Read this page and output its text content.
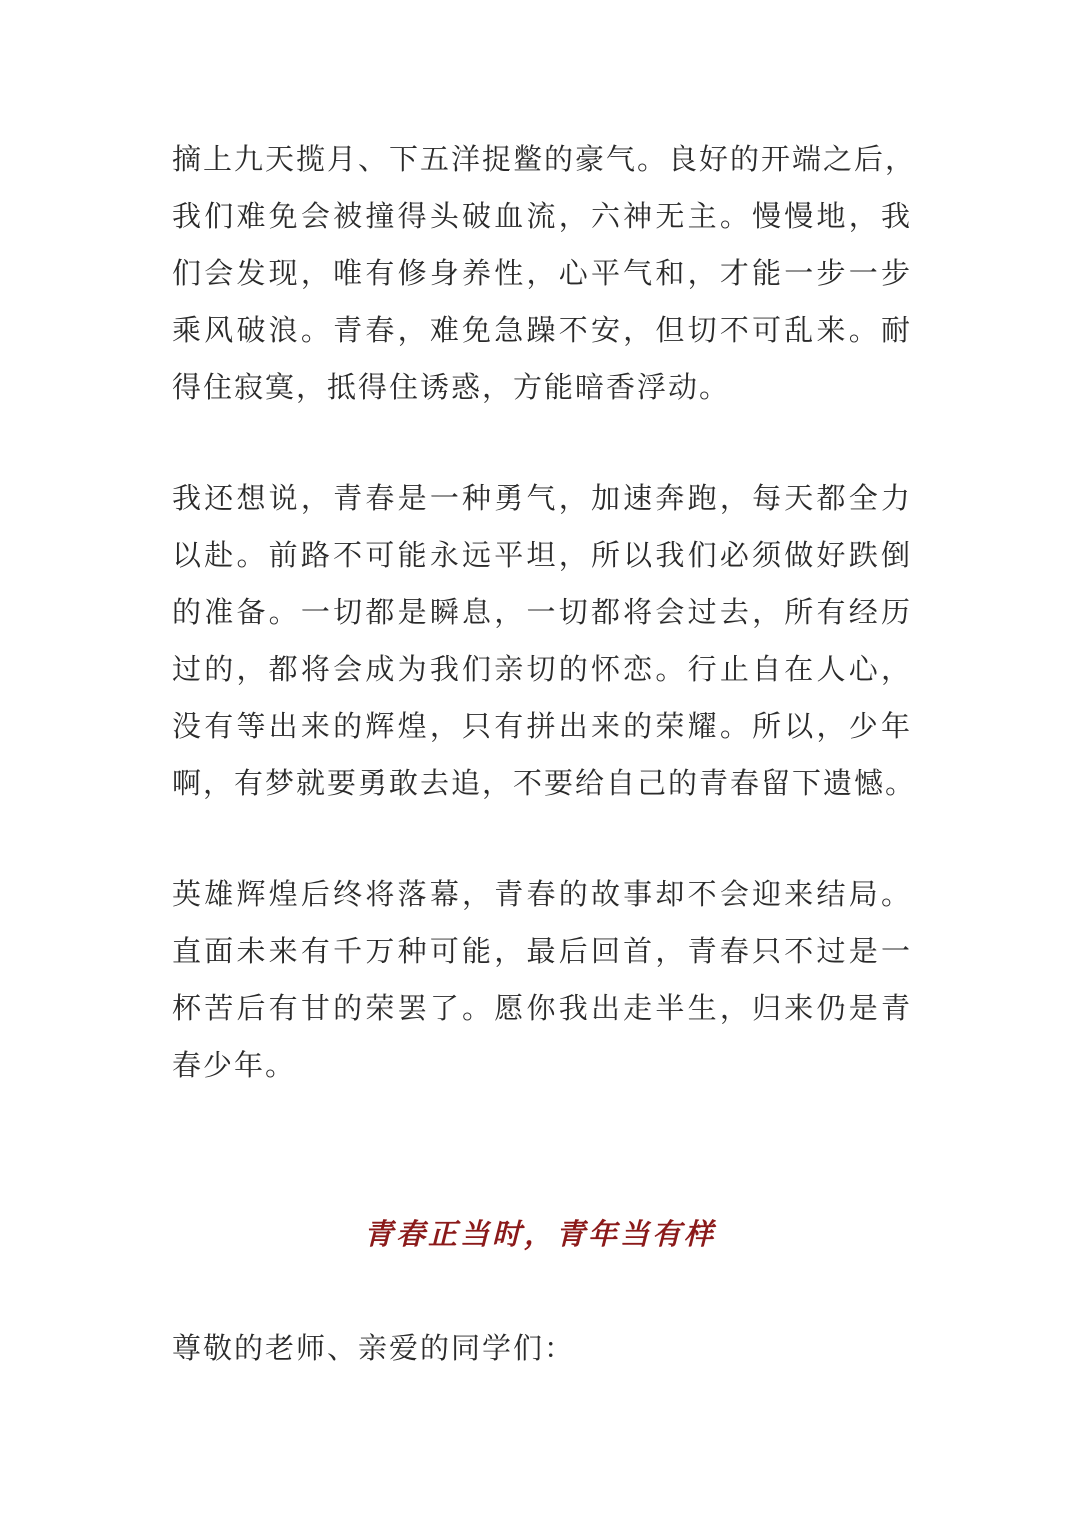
摘上九天揽月、下五洋捉鳖的豪气。良好的开端之后，
我们难免会被撞得头破血流，六神无主。慢慢地，我
们会发现，唯有修身养性，心平气和，才能一步一步
乘风破浪。青春，难免急躁不安，但切不可乱来。耐
得住寂寞，抵得住诱惑，方能暗香浮动。
我还想说，青春是一种勇气，加速奔跑，每天都全力
以赴。前路不可能永远平坦，所以我们必须做好跌倒
的准备。一切都是瞬息，一切都将会过去，所有经历
过的，都将会成为我们亲切的怀恋。行止自在人心，
没有等出来的辉煌，只有拼出来的荣耀。所以，少年
啊，有梦就要勇敢去追，不要给自己的青春留下遗憾。
英雄辉煌后终将落幕，青春的故事却不会迎来结局。
直面未来有千万种可能，最后回首，青春只不过是一
杯苦后有甘的荣罢了。愿你我出走半生，归来仍是青
春少年。
青春正当时，青年当有样

尊敬的老师、亲爱的同学们：
